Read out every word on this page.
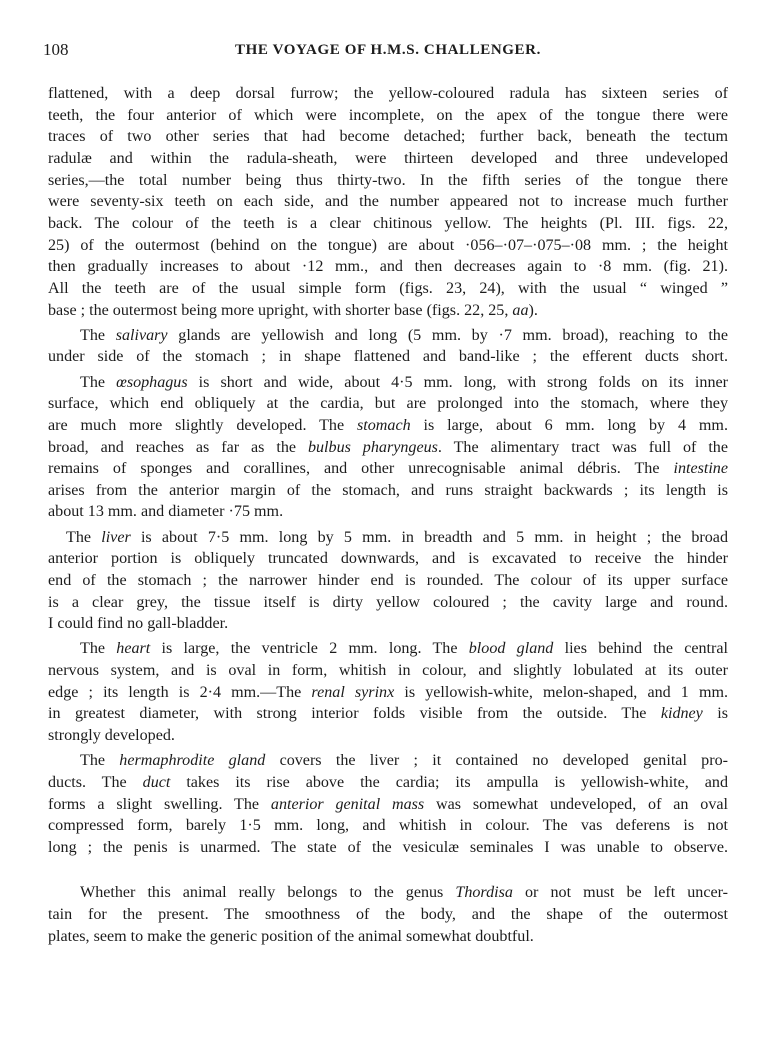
108	THE VOYAGE OF H.M.S. CHALLENGER.
flattened, with a deep dorsal furrow; the yellow-coloured radula has sixteen series of
teeth, the four anterior of which were incomplete, on the apex of the tongue there were
traces of two other series that had become detached; further back, beneath the tectum
radulæ and within the radula-sheath, were thirteen developed and three undeveloped
series,—the total number being thus thirty-two. In the fifth series of the tongue there
were seventy-six teeth on each side, and the number appeared not to increase much further
back. The colour of the teeth is a clear chitinous yellow. The heights (Pl. III. figs. 22,
25) of the outermost (behind on the tongue) are about ·056–·07–·075–·08 mm. ; the height
then gradually increases to about ·12 mm., and then decreases again to ·8 mm. (fig. 21).
All the teeth are of the usual simple form (figs. 23, 24), with the usual “ winged ”
base ; the outermost being more upright, with shorter base (figs. 22, 25, aa).
The salivary glands are yellowish and long (5 mm. by ·7 mm. broad), reaching to the
under side of the stomach ; in shape flattened and band-like ; the efferent ducts short.
The œsophagus is short and wide, about 4·5 mm. long, with strong folds on its inner
surface, which end obliquely at the cardia, but are prolonged into the stomach, where they
are much more slightly developed. The stomach is large, about 6 mm. long by 4 mm.
broad, and reaches as far as the bulbus pharyngeus. The alimentary tract was full of the
remains of sponges and corallines, and other unrecognisable animal débris. The intestine
arises from the anterior margin of the stomach, and runs straight backwards ; its length is
about 13 mm. and diameter ·75 mm.
The liver is about 7·5 mm. long by 5 mm. in breadth and 5 mm. in height ; the broad
anterior portion is obliquely truncated downwards, and is excavated to receive the hinder
end of the stomach ; the narrower hinder end is rounded. The colour of its upper surface
is a clear grey, the tissue itself is dirty yellow coloured ; the cavity large and round.
I could find no gall-bladder.
The heart is large, the ventricle 2 mm. long. The blood gland lies behind the central
nervous system, and is oval in form, whitish in colour, and slightly lobulated at its outer
edge ; its length is 2·4 mm.—The renal syrinx is yellowish-white, melon-shaped, and 1 mm.
in greatest diameter, with strong interior folds visible from the outside. The kidney is
strongly developed.
The hermaphrodite gland covers the liver ; it contained no developed genital pro-
ducts. The duct takes its rise above the cardia; its ampulla is yellowish-white, and
forms a slight swelling. The anterior genital mass was somewhat undeveloped, of an oval
compressed form, barely 1·5 mm. long, and whitish in colour. The vas deferens is not
long ; the penis is unarmed. The state of the vesiculæ seminales I was unable to observe.
Whether this animal really belongs to the genus Thordisa or not must be left uncer-
tain for the present. The smoothness of the body, and the shape of the outermost
plates, seem to make the generic position of the animal somewhat doubtful.
